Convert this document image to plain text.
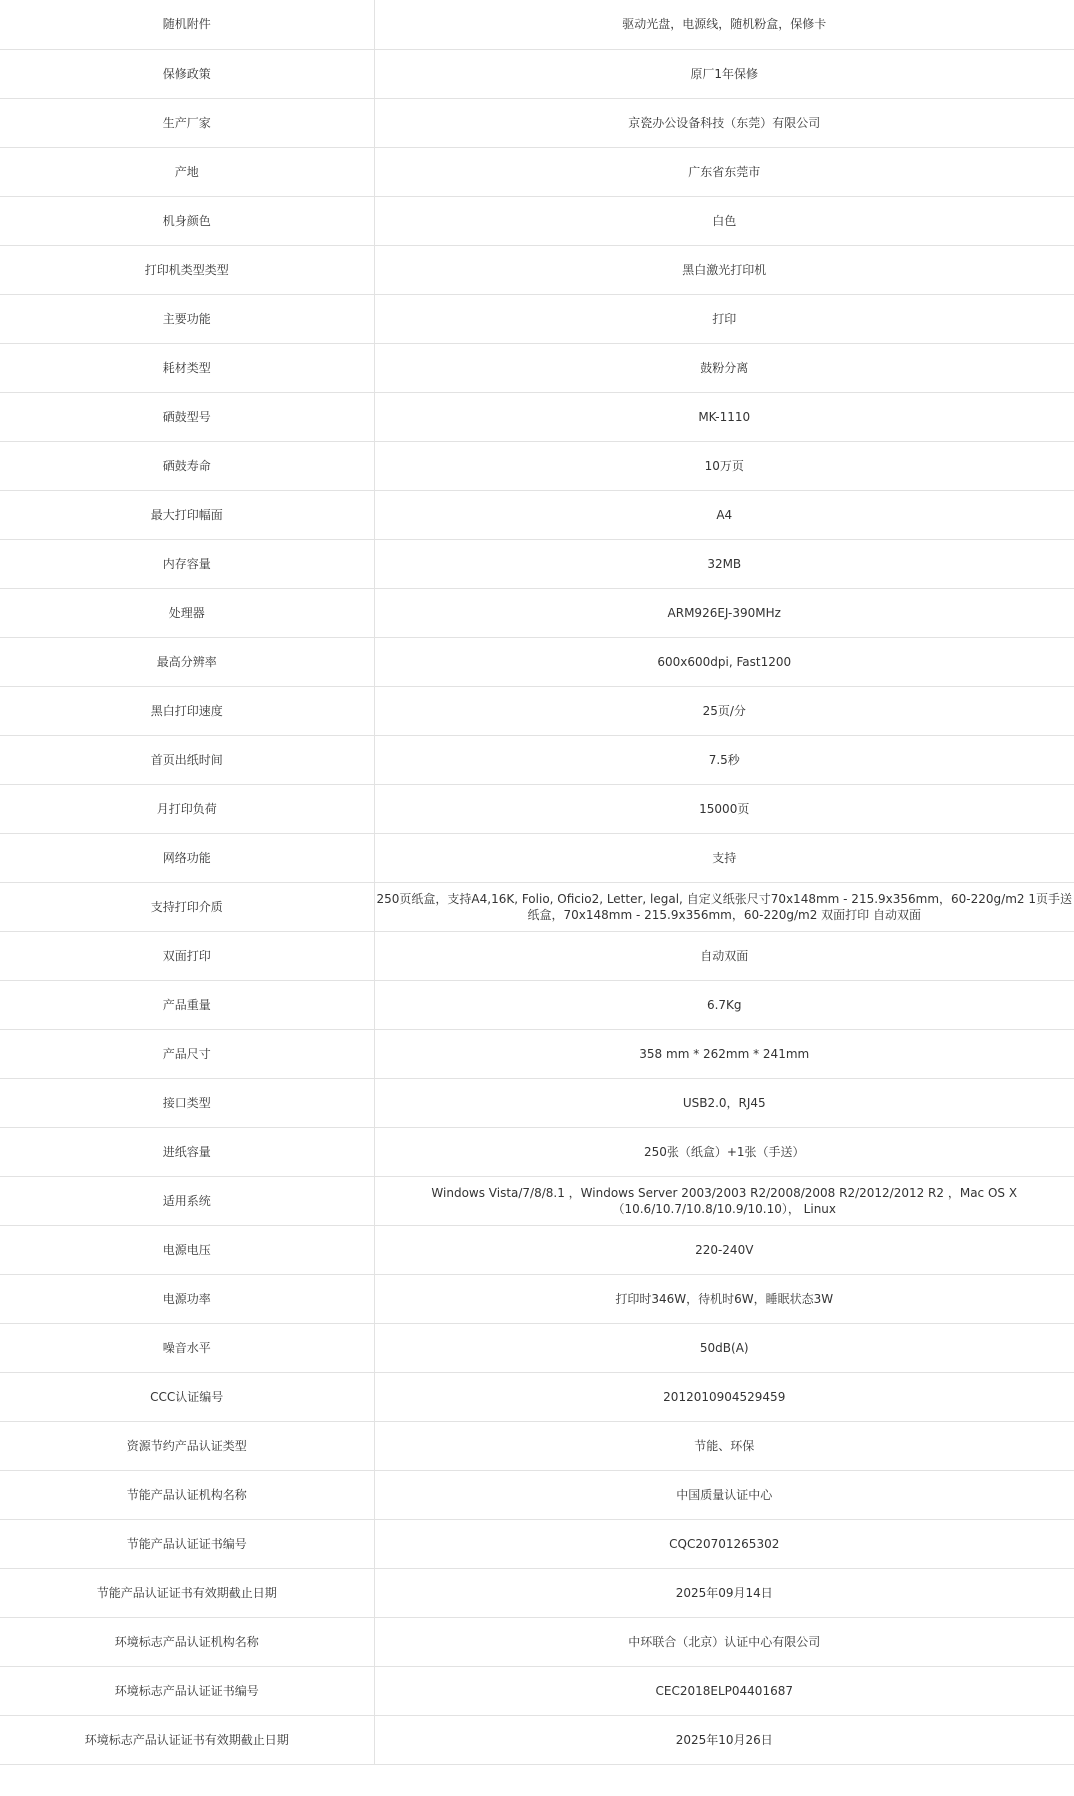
随机附件	驱动光盘，电源线，随机粉盒，保修卡
保修政策	原厂1年保修
生产厂家	京瓷办公设备科技（东莞）有限公司
产地	广东省东莞市
机身颜色	白色
打印机类型类型	黑白激光打印机
主要功能	打印
耗材类型	鼓粉分离
硒鼓型号	MK-1110
硒鼓寿命	10万页
最大打印幅面	A4
内存容量	32MB
处理器	ARM926EJ-390MHz
最高分辨率	600x600dpi, Fast1200
黑白打印速度	25页/分
首页出纸时间	7.5秒
月打印负荷	15000页
网络功能	支持
支持打印介质	250页纸盒，支持A4,16K, Folio, Oficio2, Letter, legal, 自定义纸张尺寸70x148mm - 215.9x356mm，60-220g/m2 1页手送纸盒，70x148mm - 215.9x356mm，60-220g/m2 双面打印 自动双面
双面打印	自动双面
产品重量	6.7Kg
产品尺寸	358 mm * 262mm * 241mm
接口类型	USB2.0，RJ45
进纸容量	250张（纸盒）+1张（手送）
适用系统	Windows Vista/7/8/8.1 ，Windows Server 2003/2003 R2/2008/2008 R2/2012/2012 R2 ，Mac OS X （10.6/10.7/10.8/10.9/10.10）， Linux
电源电压	220-240V
电源功率	打印时346W，待机时6W，睡眠状态3W
噪音水平	50dB(A)
CCC认证编号	2012010904529459
资源节约产品认证类型	节能、环保
节能产品认证机构名称	中国质量认证中心
节能产品认证证书编号	CQC20701265302
节能产品认证证书有效期截止日期	2025年09月14日
环境标志产品认证机构名称	中环联合（北京）认证中心有限公司
环境标志产品认证证书编号	CEC2018ELP04401687
环境标志产品认证证书有效期截止日期	2025年10月26日
